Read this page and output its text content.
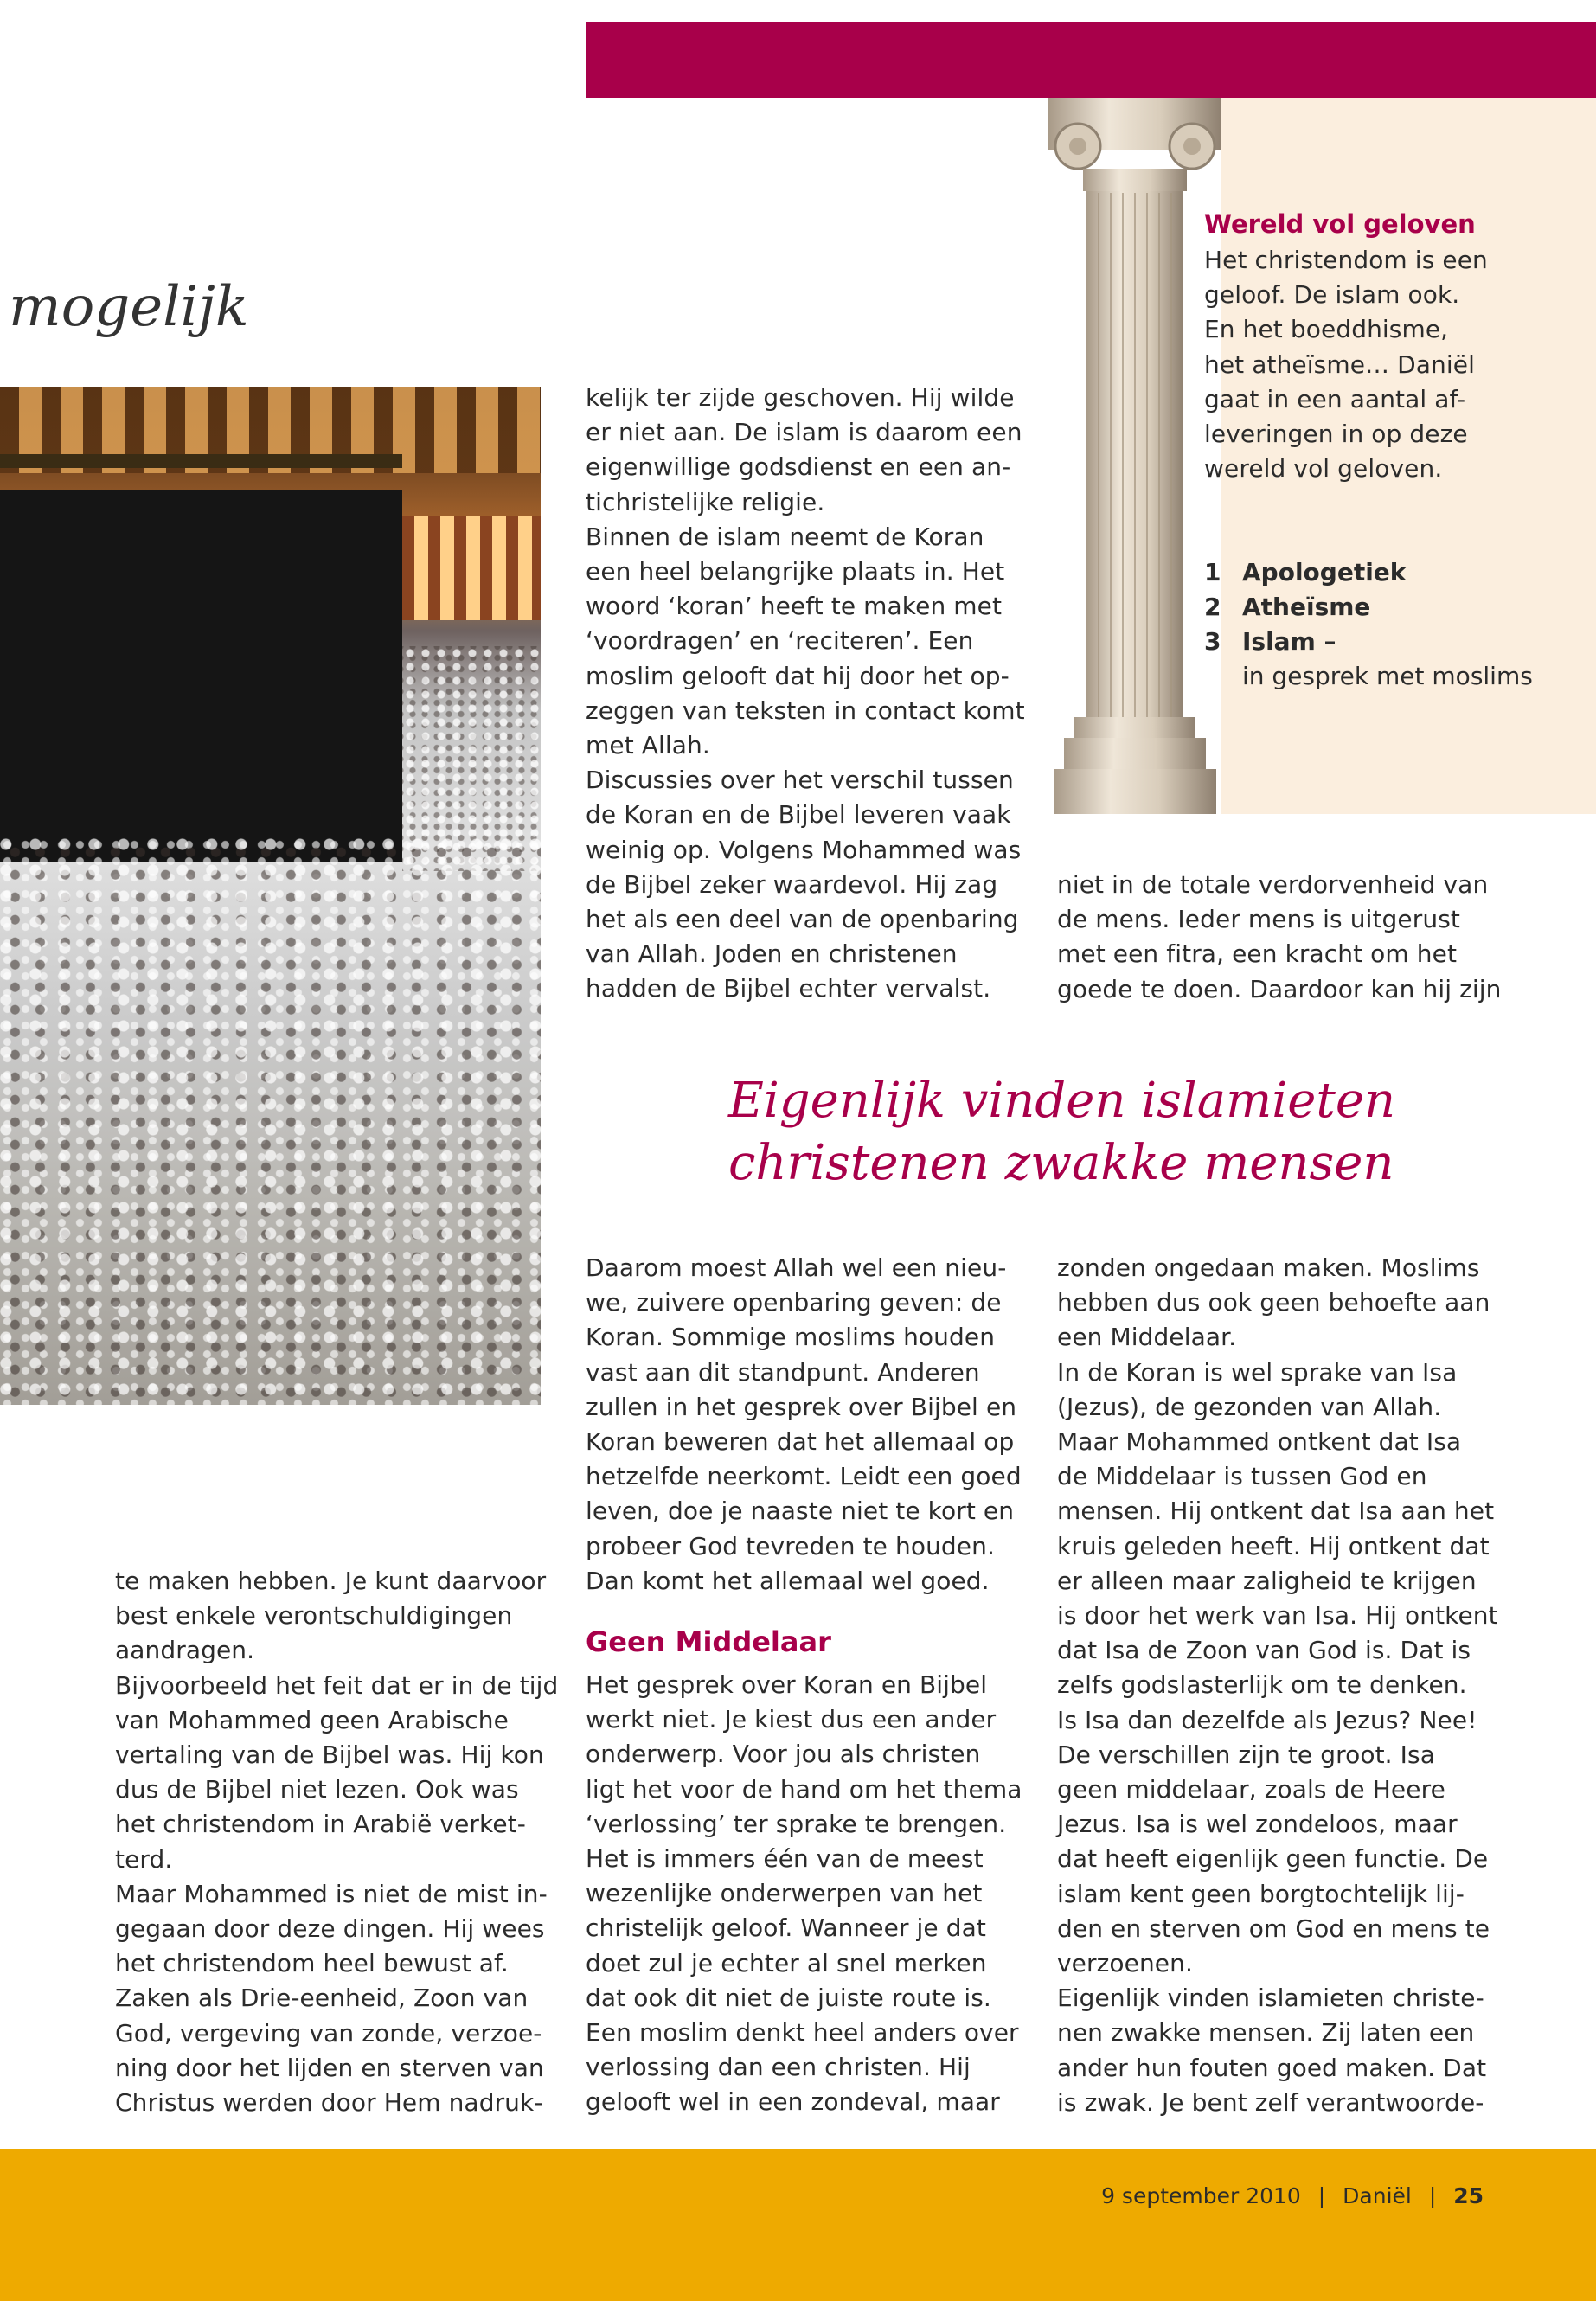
mogelijk
Wereld vol geloven

Het christendom is een

geloof. De islam ook.

En het boeddhisme,

het atheïsme… Daniël

gaat in een aantal af-

leveringen in op deze

wereld vol geloven.

1 Apologetiek
2 Atheïsme
3 Islam –
in gesprek met moslims

kelijk ter zijde geschoven. Hij wilde

er niet aan. De islam is daarom een

eigenwillige godsdienst en een an-

tichristelijke religie.

Binnen de islam neemt de Koran

een heel belangrijke plaats in. Het

woord ‘koran’ heeft te maken met

‘voordragen’ en ‘reciteren’. Een

moslim gelooft dat hij door het op-

zeggen van teksten in contact komt

met Allah.

Discussies over het verschil tussen

de Koran en de Bijbel leveren vaak

weinig op. Volgens Mohammed was

de Bijbel zeker waardevol. Hij zag

het als een deel van de openbaring

van Allah. Joden en christenen

hadden de Bijbel echter vervalst.

niet in de totale verdorvenheid van

de mens. Ieder mens is uitgerust

met een fitra, een kracht om het

goede te doen. Daardoor kan hij zijn

Eigenlijk vinden islamieten
christenen zwakke mensen

te maken hebben. Je kunt daarvoor

best enkele verontschuldigingen

aandragen.

Bijvoorbeeld het feit dat er in de tijd

van Mohammed geen Arabische

vertaling van de Bijbel was. Hij kon

dus de Bijbel niet lezen. Ook was

het christendom in Arabië verket-

terd.

Maar Mohammed is niet de mist in-

gegaan door deze dingen. Hij wees

het christendom heel bewust af.

Zaken als Drie-eenheid, Zoon van

God, vergeving van zonde, verzoe-

ning door het lijden en sterven van

Christus werden door Hem nadruk-

Daarom moest Allah wel een nieu-

we, zuivere openbaring geven: de

Koran. Sommige moslims houden

vast aan dit standpunt. Anderen

zullen in het gesprek over Bijbel en

Koran beweren dat het allemaal op

hetzelfde neerkomt. Leidt een goed

leven, doe je naaste niet te kort en

probeer God tevreden te houden.

Dan komt het allemaal wel goed.

Geen Middelaar

Het gesprek over Koran en Bijbel

werkt niet. Je kiest dus een ander

onderwerp. Voor jou als christen

ligt het voor de hand om het thema

‘verlossing’ ter sprake te brengen.

Het is immers één van de meest

wezenlijke onderwerpen van het

christelijk geloof. Wanneer je dat

doet zul je echter al snel merken

dat ook dit niet de juiste route is.

Een moslim denkt heel anders over

verlossing dan een christen. Hij

gelooft wel in een zondeval, maar

zonden ongedaan maken. Moslims

hebben dus ook geen behoefte aan

een Middelaar.

In de Koran is wel sprake van Isa

(Jezus), de gezonden van Allah.

Maar Mohammed ontkent dat Isa

de Middelaar is tussen God en

mensen. Hij ontkent dat Isa aan het

kruis geleden heeft. Hij ontkent dat

er alleen maar zaligheid te krijgen

is door het werk van Isa. Hij ontkent

dat Isa de Zoon van God is. Dat is

zelfs godslasterlijk om te denken.

Is Isa dan dezelfde als Jezus? Nee!

De verschillen zijn te groot. Isa

geen middelaar, zoals de Heere

Jezus. Isa is wel zondeloos, maar

dat heeft eigenlijk geen functie. De

islam kent geen borgtochtelijk lij-

den en sterven om God en mens te

verzoenen.

Eigenlijk vinden islamieten christe-

nen zwakke mensen. Zij laten een

ander hun fouten goed maken. Dat

is zwak. Je bent zelf verantwoorde-

9 september 2010 | Daniël | 25
